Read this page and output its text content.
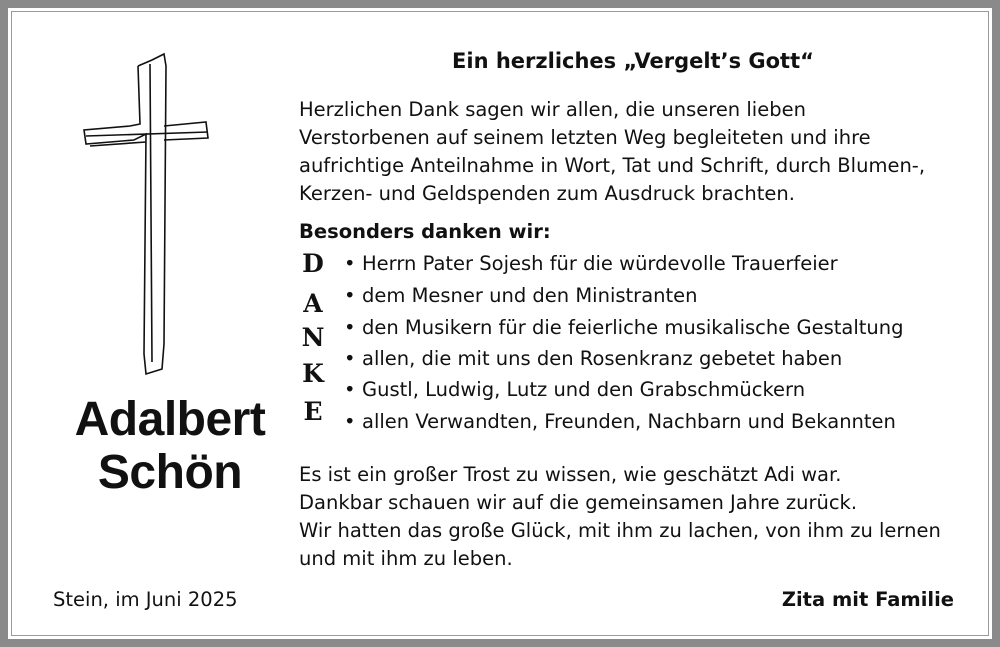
Adalbert
Schön
Ein herzliches „Vergelt’s Gott“
Herzlichen Dank sagen wir allen, die unseren lieben
Verstorbenen auf seinem letzten Weg begleiteten und ihre
aufrichtige Anteilnahme in Wort, Tat und Schrift, durch Blumen-,
Kerzen- und Geldspenden zum Ausdruck brachten.
Besonders danken wir:
D
A
N
K
E
• Herrn Pater Sojesh für die würdevolle Trauerfeier
• dem Mesner und den Ministranten
• den Musikern für die feierliche musikalische Gestaltung
• allen, die mit uns den Rosenkranz gebetet haben
• Gustl, Ludwig, Lutz und den Grabschmückern
• allen Verwandten, Freunden, Nachbarn und Bekannten
Es ist ein großer Trost zu wissen, wie geschätzt Adi war.
Dankbar schauen wir auf die gemeinsamen Jahre zurück.
Wir hatten das große Glück, mit ihm zu lachen, von ihm zu lernen
und mit ihm zu leben.
Stein, im Juni 2025	Zita mit Familie
